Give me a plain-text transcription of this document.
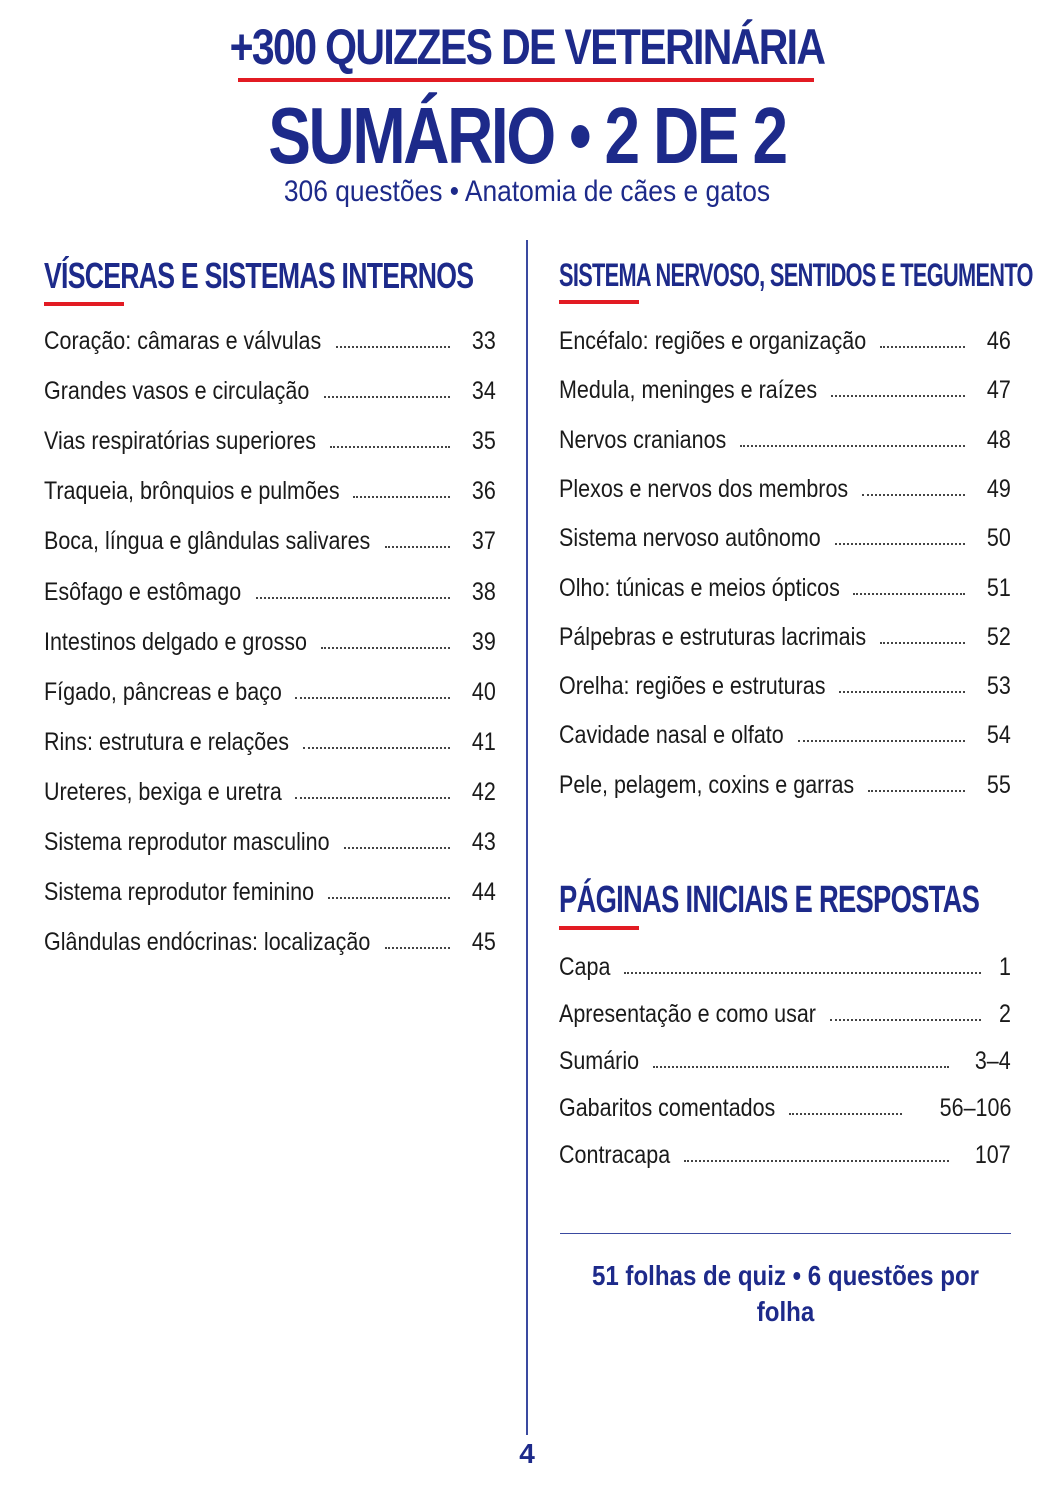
+300 QUIZZES DE VETERINÁRIA
SUMÁRIO • 2 DE 2
306 questões • Anatomia de cães e gatos
VÍSCERAS E SISTEMAS INTERNOS
Coração: câmaras e válvulas	33
Grandes vasos e circulação	34
Vias respiratórias superiores	35
Traqueia, brônquios e pulmões	36
Boca, língua e glândulas salivares	37
Esôfago e estômago	38
Intestinos delgado e grosso	39
Fígado, pâncreas e baço	40
Rins: estrutura e relações	41
Ureteres, bexiga e uretra	42
Sistema reprodutor masculino	43
Sistema reprodutor feminino	44
Glândulas endócrinas: localização	45
SISTEMA NERVOSO, SENTIDOS E TEGUMENTO
Encéfalo: regiões e organização	46
Medula, meninges e raízes	47
Nervos cranianos	48
Plexos e nervos dos membros	49
Sistema nervoso autônomo	50
Olho: túnicas e meios ópticos	51
Pálpebras e estruturas lacrimais	52
Orelha: regiões e estruturas	53
Cavidade nasal e olfato	54
Pele, pelagem, coxins e garras	55
PÁGINAS INICIAIS E RESPOSTAS
Capa	1
Apresentação e como usar	2
Sumário	3–4
Gabaritos comentados	56–106
Contracapa	107
51 folhas de quiz • 6 questões por folha
4
